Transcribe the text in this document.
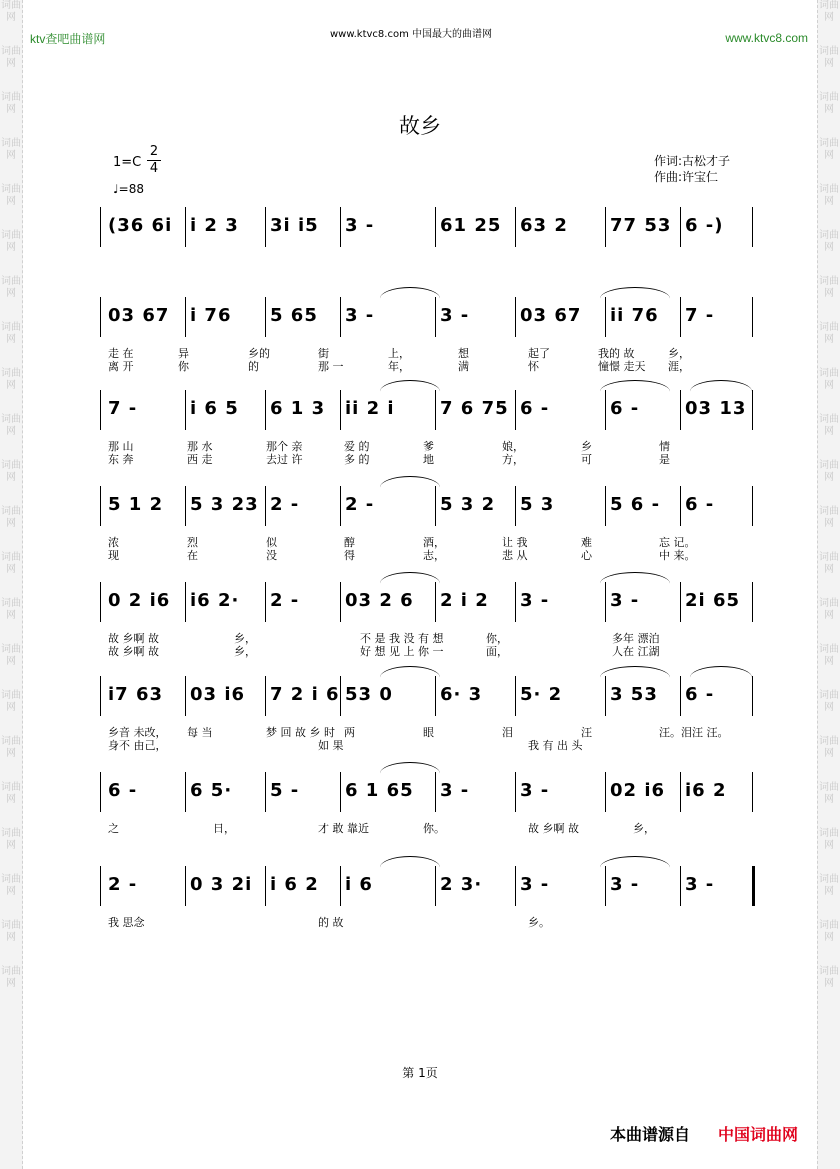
词曲网
词曲网
词曲网
词曲网
词曲网
词曲网
词曲网
词曲网
词曲网
词曲网
词曲网
词曲网
词曲网
词曲网
词曲网
词曲网
词曲网
词曲网
词曲网
词曲网
词曲网
词曲网
词曲网
词曲网
词曲网
词曲网
词曲网
词曲网
词曲网
词曲网
词曲网
词曲网
词曲网
词曲网
词曲网
词曲网
词曲网
词曲网
词曲网
词曲网
词曲网
词曲网
词曲网
词曲网
ktv查吧曲谱网	www.ktvc8.com 中国最大的曲谱网	www.ktvc8.com
故乡
$1=C \frac{2}{4}$
♩=88
作词:古松才子
作曲:许宝仁
(36 6i i 2 3 3i i5 3 -	61 25 63 2 77 53 6 -)
03 67 i 76 5 65 3 -	3 -	03 67 ii 76 7 -
走 在	异	乡的	街	上，	想	起了	我的 故	乡，
离 开	你	的	那 一	年，	满	怀	憧憬 走天 涯，
7 -	i 6 5 6 1 3 ii 2 i	7 6 75 6 -	6 -	03 13
那 山	那 水	那个 亲	爱 的	爹	娘，	乡	情
东 奔	西 走	去过 许	多 的	地	方，	可	是
5 1 2 5 3 23 2 -	2 -	5 3 2 5 3	5 6 - 6 -
浓	烈	似	醇	酒，	让 我	难	忘 记。
现	在	没	得	志，	悲 从	心	中 来。
0 2 i6 i6 2· 2 -	03 2 6 2 i 2 3 -	3 -	2i 65
故 乡啊 故	乡，	不 是 我 没 有 想	你，	多年 漂泊
故 乡啊 故	乡，	好 想 见 上 你 一	面，	人在 江湖
i7 63 03 i6 7 2 i 6 53 0	6· 3 5· 2	3 53 6 -
乡音 未改， 每 当	梦 回 故 乡 时 两	眼	泪	汪	汪。泪汪 汪。
身不 由己，	如 果	我 有 出 头
6 -	6 5· 5 -	6 1 65 3 -	3 -	02 i6 i6 2
之	日，	才 敢 靠近	你。	故 乡啊 故	乡，
2 -	0 3 2i i 6 2 i 6	2 3· 3 -	3 -	3 -
我 思念	的 故	乡。
第 1页
本曲谱源自 中国词曲网
